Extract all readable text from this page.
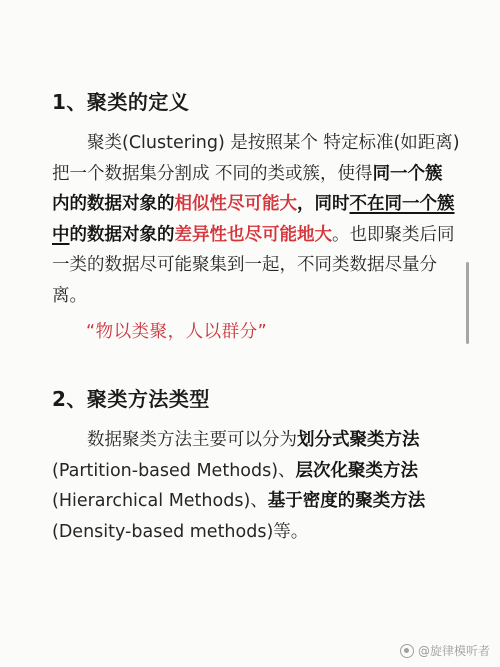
1、聚类的定义

聚类(Clustering) 是按照某个 特定标准(如距离)
把一个数据集分割成 不同的类或簇，使得同一个簇
内的数据对象的相似性尽可能大，同时不在同一个簇
中的数据对象的差异性也尽可能地大。也即聚类后同
一类的数据尽可能聚集到一起，不同类数据尽量分
离。

“物以类聚，人以群分”

2、聚类方法类型

数据聚类方法主要可以分为划分式聚类方法
(Partition-based Methods)、层次化聚类方法
(Hierarchical Methods)、基于密度的聚类方法
(Density-based methods)等。

@旋律模听者
